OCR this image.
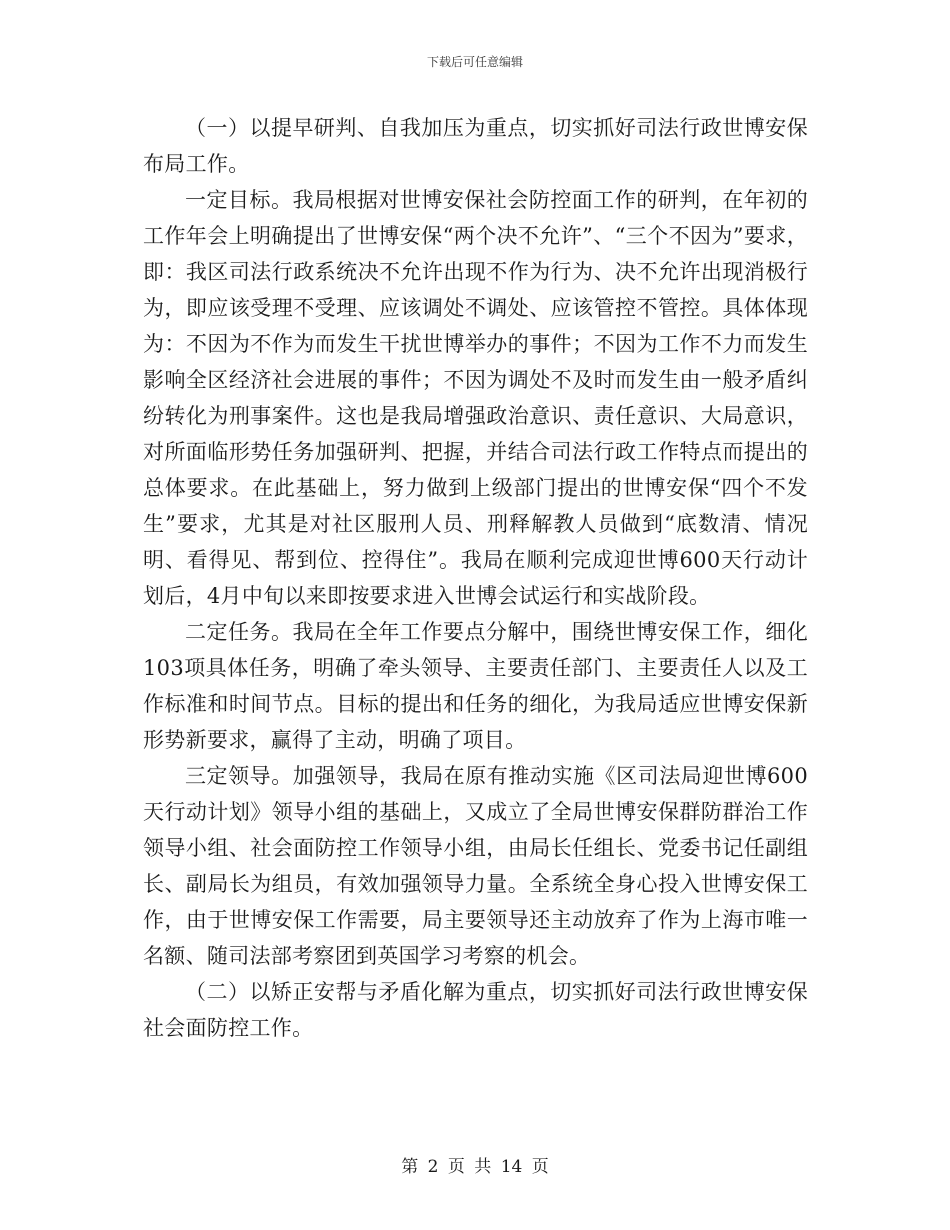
下载后可任意编辑

（一）以提早研判、自我加压为重点，切实抓好司法行政世博安保布局工作。

一定目标。我局根据对世博安保社会防控面工作的研判，在年初的工作年会上明确提出了世博安保“两个决不允许”、“三个不因为”要求，即：我区司法行政系统决不允许出现不作为行为、决不允许出现消极行为，即应该受理不受理、应该调处不调处、应该管控不管控。具体体现为：不因为不作为而发生干扰世博举办的事件；不因为工作不力而发生影响全区经济社会进展的事件；不因为调处不及时而发生由一般矛盾纠纷转化为刑事案件。这也是我局增强政治意识、责任意识、大局意识，对所面临形势任务加强研判、把握，并结合司法行政工作特点而提出的总体要求。在此基础上，努力做到上级部门提出的世博安保“四个不发生”要求，尤其是对社区服刑人员、刑释解教人员做到“底数清、情况明、看得见、帮到位、控得住”。我局在顺利完成迎世博600天行动计划后，4月中旬以来即按要求进入世博会试运行和实战阶段。

二定任务。我局在全年工作要点分解中，围绕世博安保工作，细化103项具体任务，明确了牵头领导、主要责任部门、主要责任人以及工作标准和时间节点。目标的提出和任务的细化，为我局适应世博安保新形势新要求，赢得了主动，明确了项目。

三定领导。加强领导，我局在原有推动实施《区司法局迎世博600天行动计划》领导小组的基础上，又成立了全局世博安保群防群治工作领导小组、社会面防控工作领导小组，由局长任组长、党委书记任副组长、副局长为组员，有效加强领导力量。全系统全身心投入世博安保工作，由于世博安保工作需要，局主要领导还主动放弃了作为上海市唯一名额、随司法部考察团到英国学习考察的机会。

（二）以矫正安帮与矛盾化解为重点，切实抓好司法行政世博安保社会面防控工作。

第 2 页 共 14 页
